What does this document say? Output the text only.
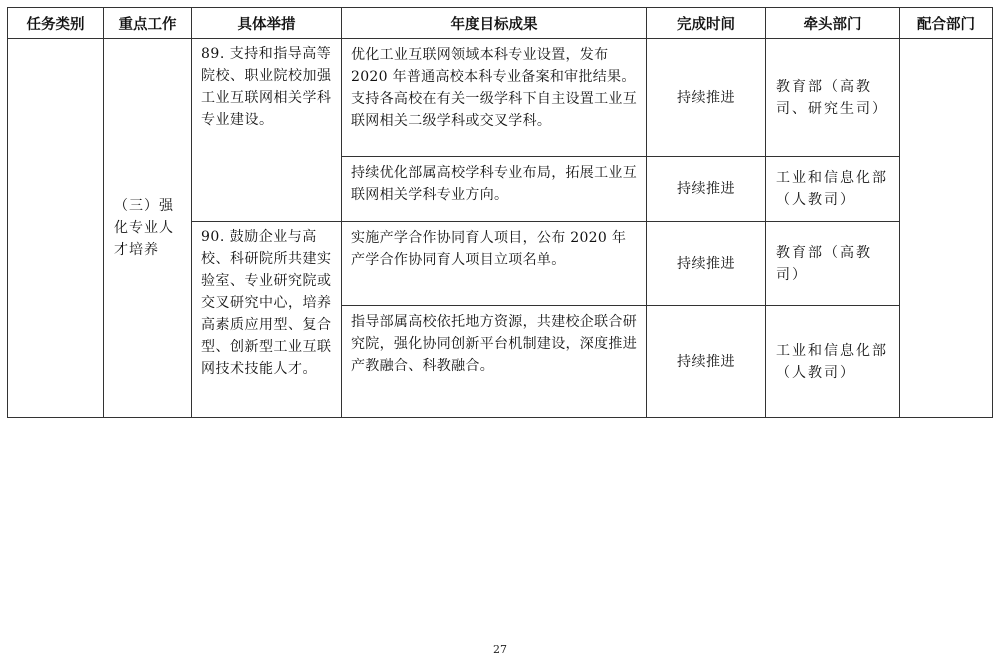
任务类别	重点工作	具体举措	年度目标成果	完成时间	牵头部门	配合部门
	（三）强化专业人才培养	89. 支持和指导高等院校、职业院校加强工业互联网相关学科专业建设。	优化工业互联网领域本科专业设置，发布 2020 年普通高校本科专业备案和审批结果。支持各高校在有关一级学科下自主设置工业互联网相关二级学科或交叉学科。	持续推进	教育部（高教司、研究生司）	
			持续优化部属高校学科专业布局，拓展工业互联网相关学科专业方向。	持续推进	工业和信息化部（人教司）	
		90. 鼓励企业与高校、科研院所共建实验室、专业研究院或交叉研究中心，培养高素质应用型、复合型、创新型工业互联网技术技能人才。	实施产学合作协同育人项目，公布 2020 年产学合作协同育人项目立项名单。	持续推进	教育部（高教司）	
			指导部属高校依托地方资源，共建校企联合研究院，强化协同创新平台机制建设，深度推进产教融合、科教融合。	持续推进	工业和信息化部（人教司）	
27
